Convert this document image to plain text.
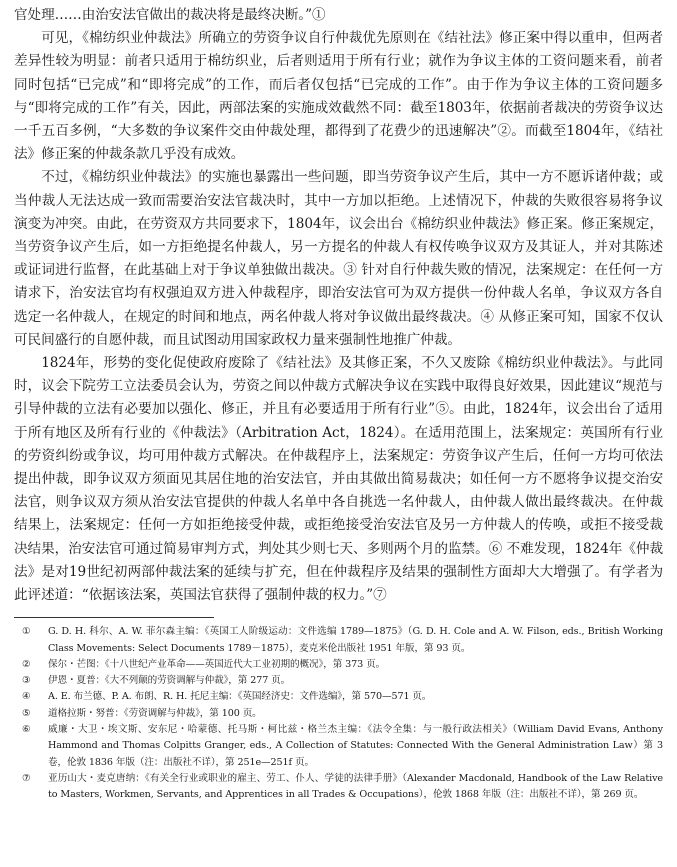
官处理……由治安法官做出的裁决将是最终决断。”①

可见，《棉纺织业仲裁法》所确立的劳资争议自行仲裁优先原则在《结社法》修正案中得以重申，但两者差异性较为明显：前者只适用于棉纺织业，后者则适用于所有行业；就作为争议主体的工资问题来看，前者同时包括“已完成”和“即将完成”的工作，而后者仅包括“已完成的工作”。由于作为争议主体的工资问题多与“即将完成的工作”有关，因此，两部法案的实施成效截然不同：截至1803年，依据前者裁决的劳资争议达一千五百多例，“大多数的争议案件交由仲裁处理，都得到了花费少的迅速解决”②。而截至1804年，《结社法》修正案的仲裁条款几乎没有成效。

不过，《棉纺织业仲裁法》的实施也暴露出一些问题，即当劳资争议产生后，其中一方不愿诉诸仲裁；或当仲裁人无法达成一致而需要治安法官裁决时，其中一方加以拒绝。上述情况下，仲裁的失败很容易将争议演变为冲突。由此，在劳资双方共同要求下，1804年，议会出台《棉纺织业仲裁法》修正案。修正案规定，当劳资争议产生后，如一方拒绝提名仲裁人，另一方提名的仲裁人有权传唤争议双方及其证人，并对其陈述或证词进行监督，在此基础上对于争议单独做出裁决。③ 针对自行仲裁失败的情况，法案规定：在任何一方请求下，治安法官均有权强迫双方进入仲裁程序，即治安法官可为双方提供一份仲裁人名单，争议双方各自选定一名仲裁人，在规定的时间和地点，两名仲裁人将对争议做出最终裁决。④ 从修正案可知，国家不仅认可民间盛行的自愿仲裁，而且试图动用国家政权力量来强制性地推广仲裁。

1824年，形势的变化促使政府废除了《结社法》及其修正案，不久又废除《棉纺织业仲裁法》。与此同时，议会下院劳工立法委员会认为，劳资之间以仲裁方式解决争议在实践中取得良好效果，因此建议“规范与引导仲裁的立法有必要加以强化、修正，并且有必要适用于所有行业”⑤。由此，1824年，议会出台了适用于所有地区及所有行业的《仲裁法》（Arbitration Act，1824）。在适用范围上，法案规定：英国所有行业的劳资纠纷或争议，均可用仲裁方式解决。在仲裁程序上，法案规定：劳资争议产生后，任何一方均可依法提出仲裁，即争议双方须面见其居住地的治安法官，并由其做出简易裁决；如任何一方不愿将争议提交治安法官，则争议双方须从治安法官提供的仲裁人名单中各自挑选一名仲裁人，由仲裁人做出最终裁决。在仲裁结果上，法案规定：任何一方如拒绝接受仲裁，或拒绝接受治安法官及另一方仲裁人的传唤，或拒不接受裁决结果，治安法官可通过简易审判方式，判处其少则七天、多则两个月的监禁。⑥ 不难发现，1824年《仲裁法》是对19世纪初两部仲裁法案的延续与扩充，但在仲裁程序及结果的强制性方面却大大增强了。有学者为此评述道：“依据该法案，英国法官获得了强制仲裁的权力。”⑦

①	G. D. H. 科尔、A. W. 菲尔森主编：《英国工人阶级运动：文件选编 1789—1875》（G. D. H. Cole and A. W. Filson, eds., British Working Class Movements: Select Documents 1789－1875），麦克米伦出版社 1951 年版，第 93 页。
②	保尔・芒图：《十八世纪产业革命——英国近代大工业初期的概况》，第 373 页。
③	伊恩・夏普：《大不列颠的劳资调解与仲裁》，第 277 页。
④	A. E. 布兰德、P. A. 布朗、R. H. 托尼主编：《英国经济史：文件选编》，第 570—571 页。
⑤	道格拉斯・努普：《劳资调解与仲裁》，第 100 页。
⑥	威廉・大卫・埃文斯、安东尼・哈蒙德、托马斯・柯比兹・格兰杰主编：《法令全集：与一般行政法相关》（William David Evans, Anthony Hammond and Thomas Colpitts Granger, eds., A Collection of Statutes: Connected With the General Administration Law）第 3 卷，伦敦 1836 年版（注：出版社不详），第 251e—251f 页。
⑦	亚历山大・麦克唐纳：《有关全行业或职业的雇主、劳工、仆人、学徒的法律手册》（Alexander Macdonald, Handbook of the Law Relative to Masters, Workmen, Servants, and Apprentices in all Trades & Occupations），伦敦 1868 年版（注：出版社不详），第 269 页。
